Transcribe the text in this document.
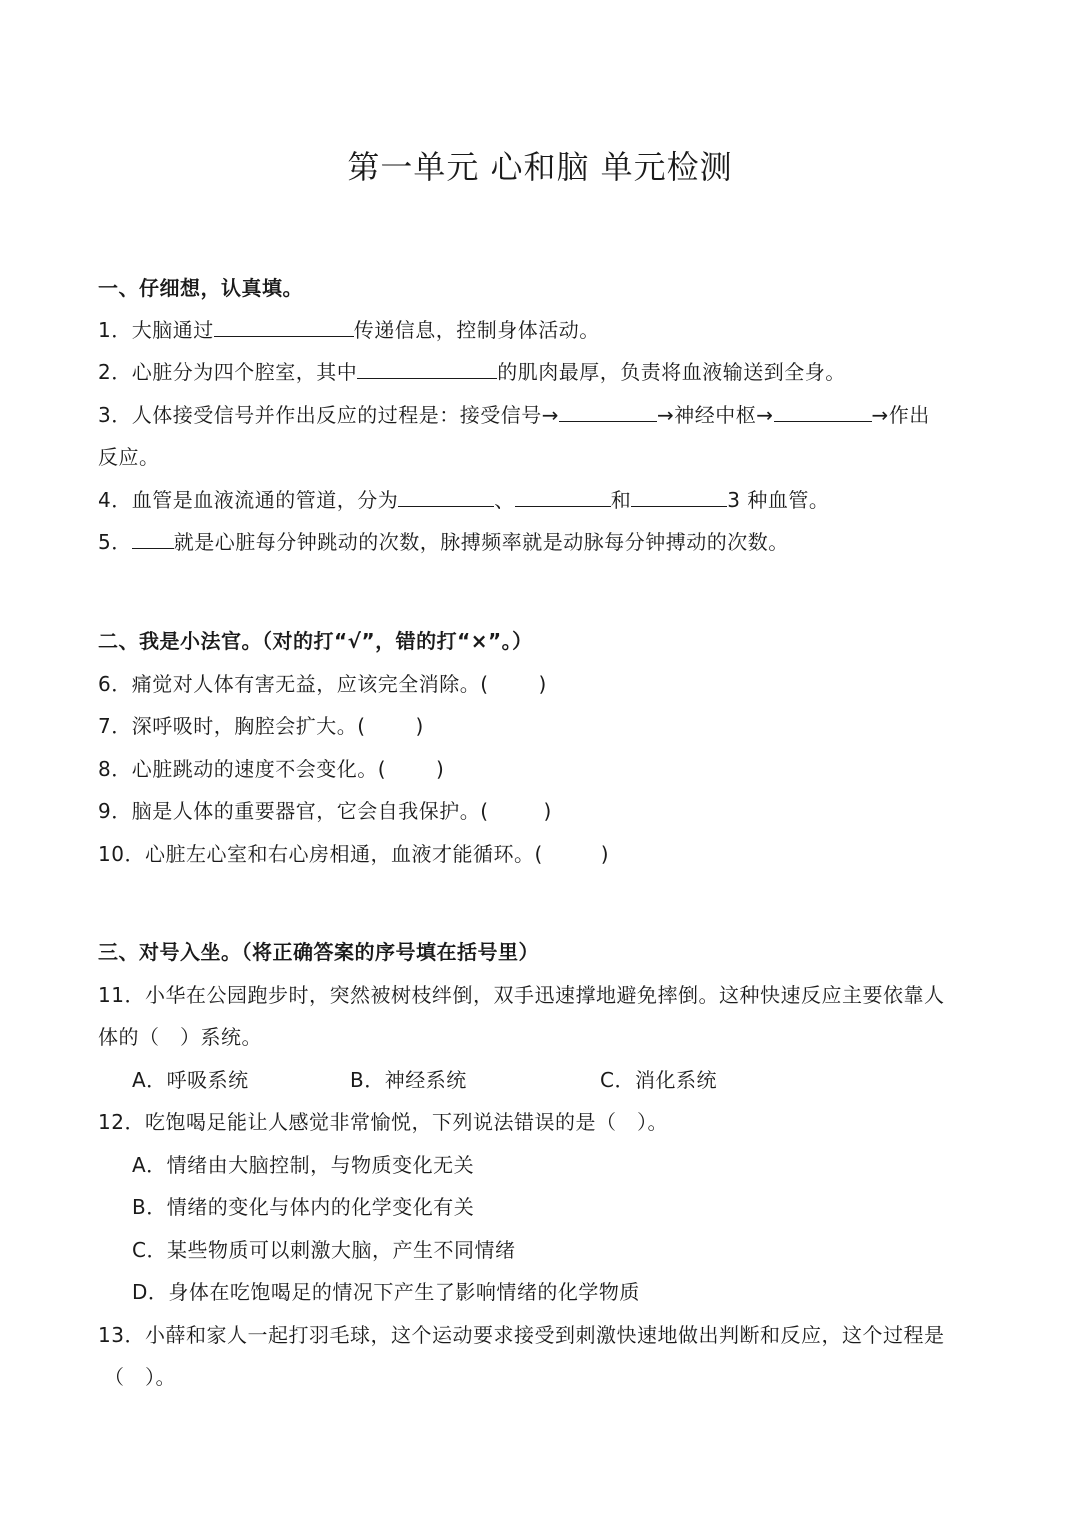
第一单元 心和脑 单元检测
一、仔细想，认真填。
1．大脑通过	传递信息，控制身体活动。
2．心脏分为四个腔室，其中	的肌肉最厚，负责将血液输送到全身。
3．人体接受信号并作出反应的过程是：接受信号→	→神经中枢→	→作出
反应。
4．血管是血液流通的管道，分为	、	和	3 种血管。
5． 就是心脏每分钟跳动的次数，脉搏频率就是动脉每分钟搏动的次数。
二、我是小法官。（对的打“√”，错的打“×”。）
6．痛觉对人体有害无益，应该完全消除。(	)
7．深呼吸时，胸腔会扩大。(	)
8．心脏跳动的速度不会变化。(	)
9．脑是人体的重要器官，它会自我保护。(	)
10．心脏左心室和右心房相通，血液才能循环。(	)
三、对号入坐。（将正确答案的序号填在括号里）
11．小华在公园跑步时，突然被树枝绊倒，双手迅速撑地避免摔倒。这种快速反应主要依靠人
体的（　）系统。
A．呼吸系统	B．神经系统	C．消化系统
12．吃饱喝足能让人感觉非常愉悦，下列说法错误的是（　）。
A．情绪由大脑控制，与物质变化无关
B．情绪的变化与体内的化学变化有关
C．某些物质可以刺激大脑，产生不同情绪
D．身体在吃饱喝足的情况下产生了影响情绪的化学物质
13．小薛和家人一起打羽毛球，这个运动要求接受到刺激快速地做出判断和反应，这个过程是
（　）。
